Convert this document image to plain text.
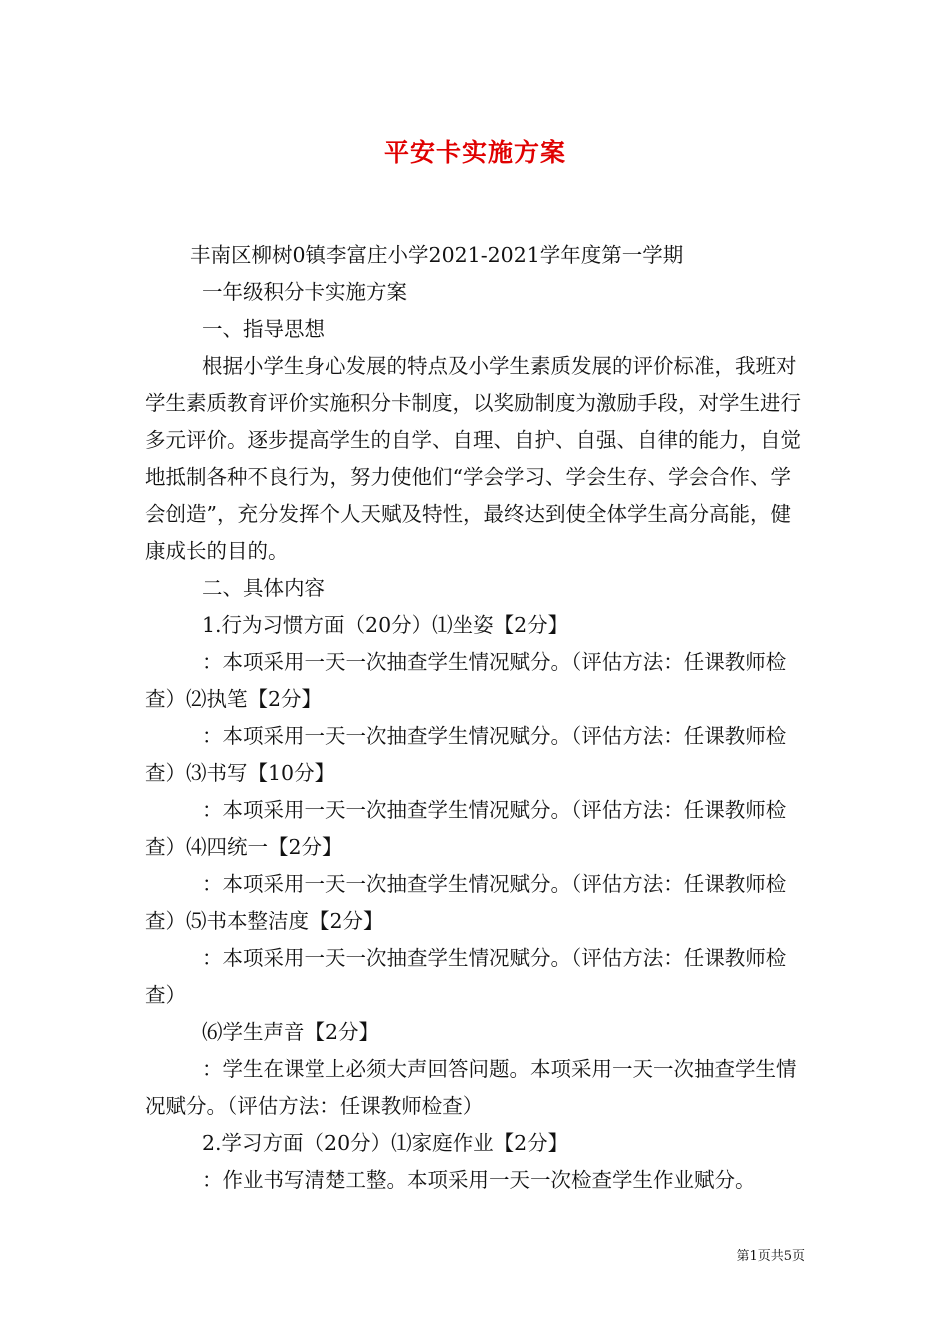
平安卡实施方案

丰南区柳树0镇李富庄小学2021-2021学年度第一学期

一年级积分卡实施方案

一、指导思想

根据小学生身心发展的特点及小学生素质发展的评价标准，我班对学生素质教育评价实施积分卡制度，以奖励制度为激励手段，对学生进行多元评价。逐步提高学生的自学、自理、自护、自强、自律的能力，自觉地抵制各种不良行为，努力使他们“学会学习、学会生存、学会合作、学会创造”，充分发挥个人天赋及特性，最终达到使全体学生高分高能，健康成长的目的。

二、具体内容

1.行为习惯方面（20分）⑴坐姿【2分】

：本项采用一天一次抽查学生情况赋分。（评估方法：任课教师检查）⑵执笔【2分】

：本项采用一天一次抽查学生情况赋分。（评估方法：任课教师检查）⑶书写【10分】

：本项采用一天一次抽查学生情况赋分。（评估方法：任课教师检查）⑷四统一【2分】

：本项采用一天一次抽查学生情况赋分。（评估方法：任课教师检查）⑸书本整洁度【2分】

：本项采用一天一次抽查学生情况赋分。（评估方法：任课教师检查）

⑹学生声音【2分】

：学生在课堂上必须大声回答问题。本项采用一天一次抽查学生情况赋分。（评估方法：任课教师检查）

2.学习方面（20分）⑴家庭作业【2分】

：作业书写清楚工整。本项采用一天一次检查学生作业赋分。

第1页共5页
